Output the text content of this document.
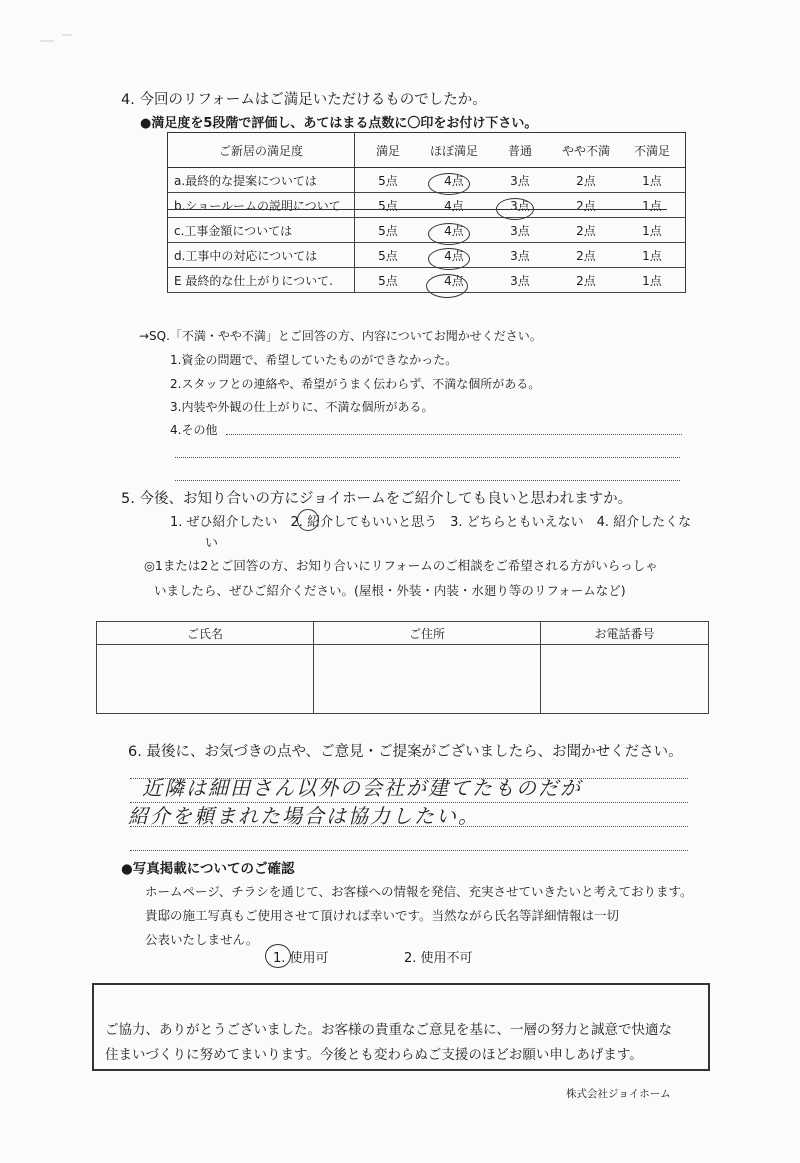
4. 今回のリフォームはご満足いただけるものでしたか。
●満足度を5段階で評価し、あてはまる点数に〇印をお付け下さい。
ご新居の満足度	満足	ほぼ満足	普通	やや不満	不満足
a.最終的な提案については	5点	4点	3点	2点	1点
b.ショールームの説明について	5点	4点	3点	2点	1点
c.工事金額については	5点	4点	3点	2点	1点
d.工事中の対応については	5点	4点	3点	2点	1点
E 最終的な仕上がりについて.	5点	4点	3点	2点	1点
→SQ.「不満・やや不満」とご回答の方、内容についてお聞かせください。
1.資金の問題で、希望していたものができなかった。
2.スタッフとの連絡や、希望がうまく伝わらず、不満な個所がある。
3.内装や外観の仕上がりに、不満な個所がある。
4.その他
5. 今後、お知り合いの方にジョイホームをご紹介しても良いと思われますか。
1. ぜひ紹介したい　2. 紹介してもいいと思う　3. どちらともいえない　4. 紹介したくな
い
◎1または2とご回答の方、お知り合いにリフォームのご相談をご希望される方がいらっしゃ
いましたら、ぜひご紹介ください。(屋根・外装・内装・水廻り等のリフォームなど)
ご氏名	ご住所	お電話番号

6. 最後に、お気づきの点や、ご意見・ご提案がございましたら、お聞かせください。
近隣は細田さん以外の会社が建てたものだが
紹介を頼まれた場合は協力したい。
●写真掲載についてのご確認
ホームページ、チラシを通じて、お客様への情報を発信、充実させていきたいと考えております。
貴邸の施工写真もご使用させて頂ければ幸いです。当然ながら氏名等詳細情報は一切
公表いたしません。
1. 使用可	2. 使用不可
ご協力、ありがとうございました。お客様の貴重なご意見を基に、一層の努力と誠意で快適な
住まいづくりに努めてまいります。今後とも変わらぬご支援のほどお願い申しあげます。
株式会社ジョイホーム
